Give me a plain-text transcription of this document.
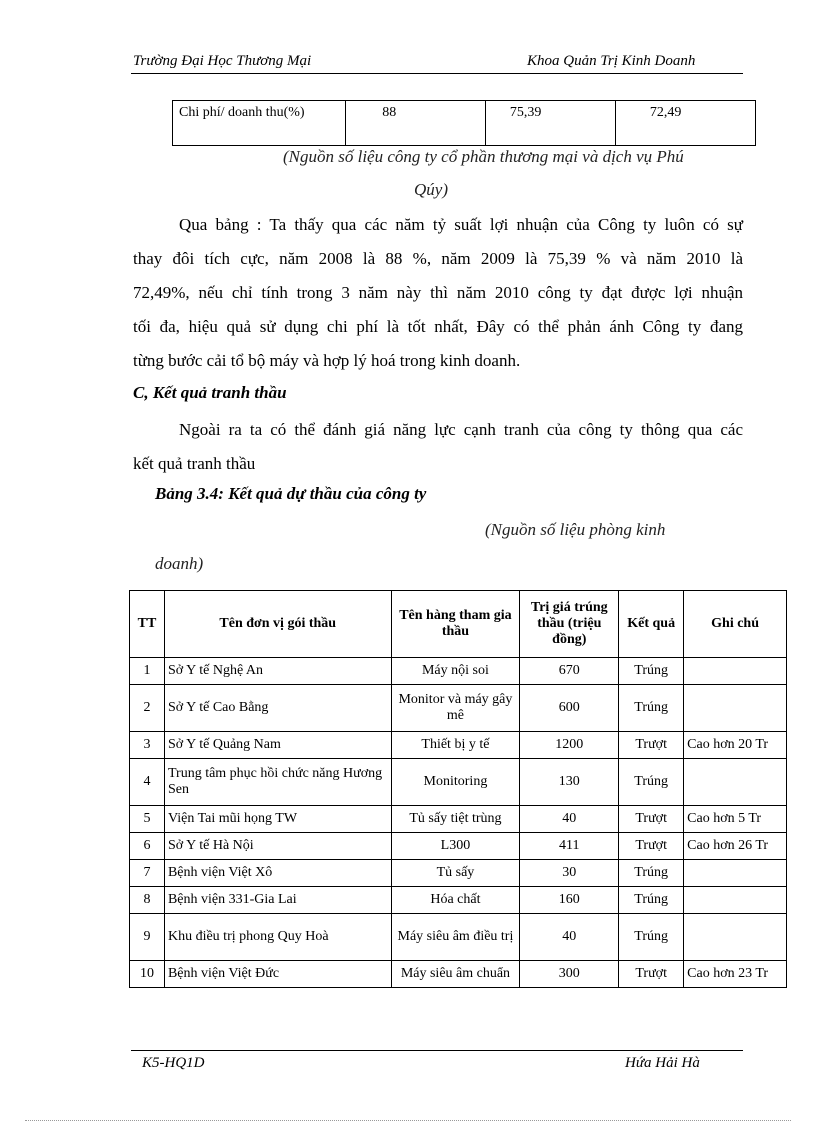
Trường Đại Học Thương Mại	Khoa Quản Trị Kinh Doanh
Chi phí/ doanh thu(%)	88	75,39	72,49
(Nguồn số liệu công ty cổ phần thương mại và dịch vụ Phú
Qúy)
Qua bảng : Ta thấy qua các năm tỷ suất lợi nhuận của Công ty luôn có sự
thay đôi tích cực, năm 2008 là 88 %, năm 2009 là 75,39 % và năm 2010 là
72,49%, nếu chỉ tính trong 3 năm này thì năm 2010 công ty đạt được lợi nhuận
tối đa, hiệu quả sử dụng chi phí là tốt nhất, Đây có thể phản ánh Công ty đang
từng bước cải tổ bộ máy và hợp lý hoá trong kinh doanh.
C, Kết quả tranh thầu
Ngoài ra ta có thể đánh giá năng lực cạnh tranh của công ty thông qua các
kết quả tranh thầu
Bảng 3.4: Kết quả dự thầu của công ty
(Nguồn số liệu phòng kinh
doanh)
TT	Tên đơn vị gói thầu	Tên hàng tham gia thầu	Trị giá trúng thầu (triệu đồng)	Kết quả	Ghi chú
1	Sở Y tế Nghệ An	Máy nội soi	670	Trúng	
2	Sở Y tế Cao Bằng	Monitor và máy gây mê	600	Trúng	
3	Sở Y tế Quảng Nam	Thiết bị y tế	1200	Trượt	Cao hơn 20 Tr
4	Trung tâm phục hồi chức năng Hương Sen	Monitoring	130	Trúng	
5	Viện Tai mũi họng TW	Tủ sấy tiệt trùng	40	Trượt	Cao hơn 5 Tr
6	Sở Y tế Hà Nội	L300	411	Trượt	Cao hơn 26 Tr
7	Bệnh viện Việt Xô	Tủ sấy	30	Trúng	
8	Bệnh viện 331-Gia Lai	Hóa chất	160	Trúng	
9	Khu điều trị phong Quy Hoà	Máy siêu âm điều trị	40	Trúng	
10	Bệnh viện Việt Đức	Máy siêu âm chuẩn	300	Trượt	Cao hơn 23 Tr
K5-HQ1D	Hứa Hải Hà
